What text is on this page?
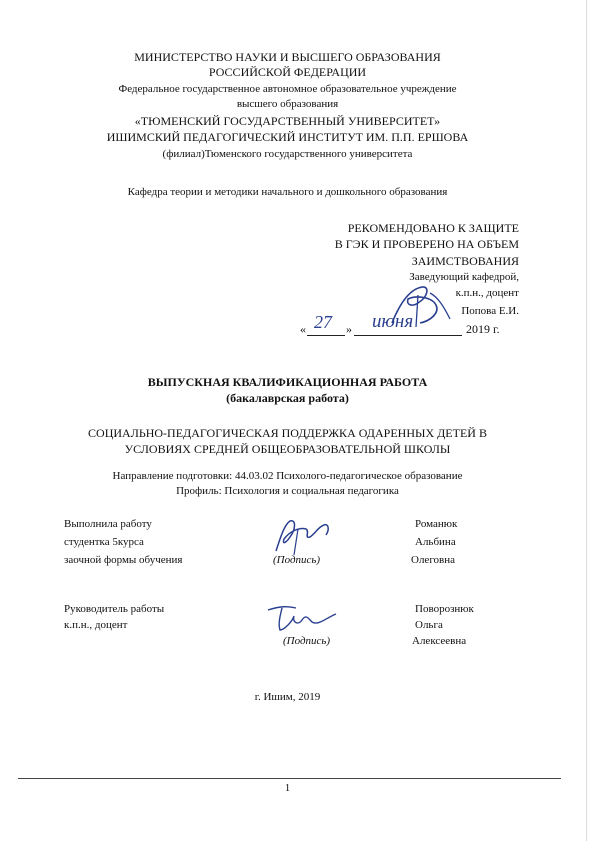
МИНИСТЕРСТВО НАУКИ И ВЫСШЕГО ОБРАЗОВАНИЯ
РОССИЙСКОЙ ФЕДЕРАЦИИ
Федеральное государственное автономное образовательное учреждение
высшего образования
«ТЮМЕНСКИЙ ГОСУДАРСТВЕННЫЙ УНИВЕРСИТЕТ»
ИШИМСКИЙ ПЕДАГОГИЧЕСКИЙ ИНСТИТУТ ИМ. П.П. ЕРШОВА
(филиал)Тюменского государственного университета
Кафедра теории и методики начального и дошкольного образования
РЕКОМЕНДОВАНО К ЗАЩИТЕ
В ГЭК И ПРОВЕРЕНО НА ОБЪЕМ
ЗАИМСТВОВАНИЯ
Заведующий кафедрой,
к.п.н., доцент
Попова Е.И.
« 27 » июня	2019 г.
ВЫПУСКНАЯ КВАЛИФИКАЦИОННАЯ РАБОТА
(бакалаврская работа)
СОЦИАЛЬНО-ПЕДАГОГИЧЕСКАЯ ПОДДЕРЖКА ОДАРЕННЫХ ДЕТЕЙ В
УСЛОВИЯХ СРЕДНЕЙ ОБЩЕОБРАЗОВАТЕЛЬНОЙ ШКОЛЫ
Направление подготовки: 44.03.02 Психолого-педагогическое образование
Профиль: Психология и социальная педагогика
Выполнила работу
студентка 5курса
заочной формы обучения	(Подпись)
Романюк
Альбина
Олеговна
Руководитель работы
к.п.н., доцент
(Подпись)
Поворознюк
Ольга
Алексеевна
г. Ишим, 2019
1
